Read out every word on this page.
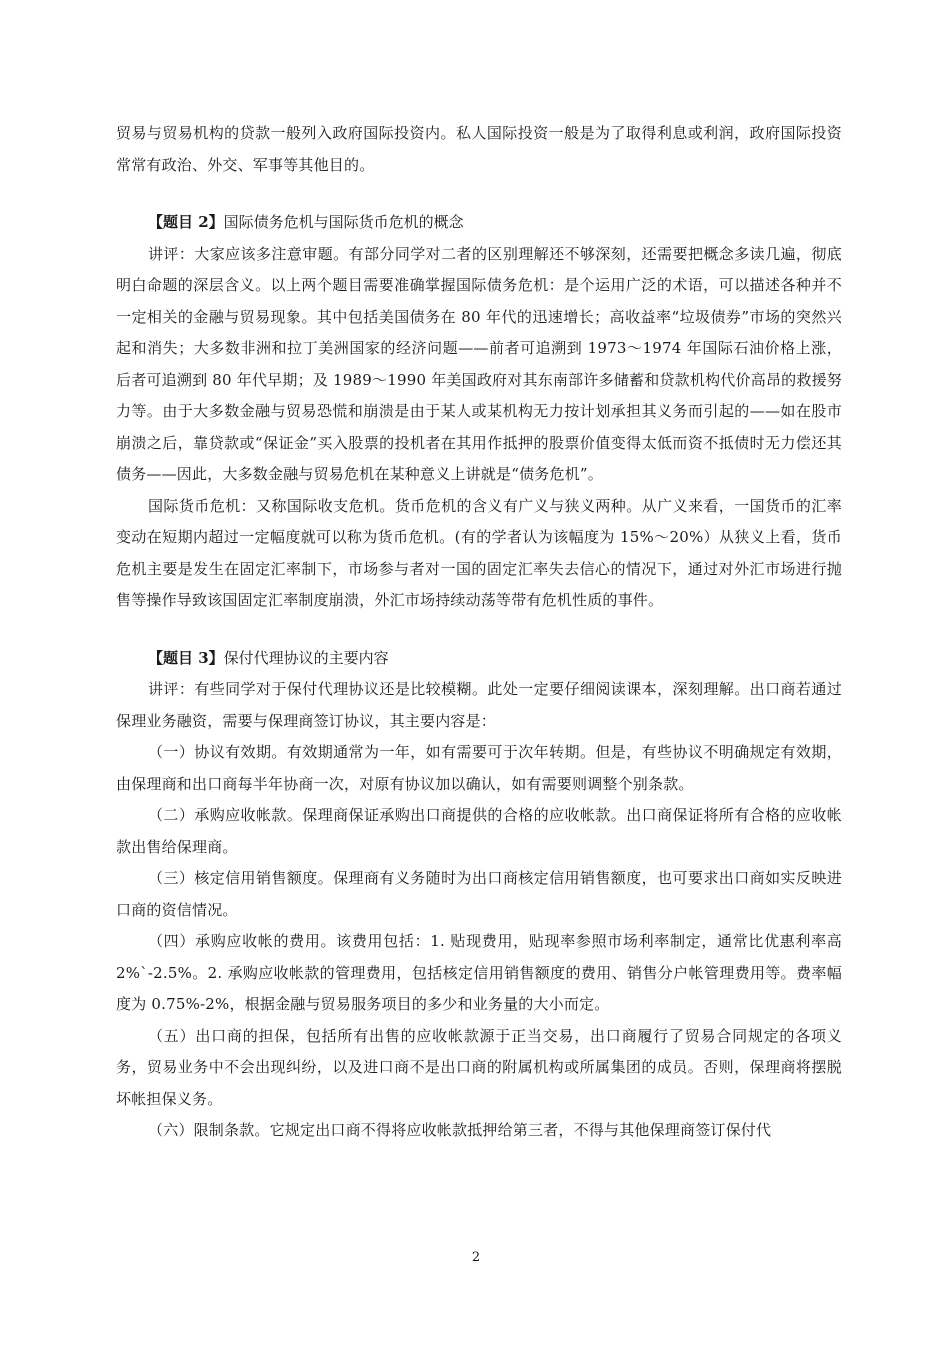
贸易与贸易机构的贷款一般列入政府国际投资内。私人国际投资一般是为了取得利息或利润，政府国际投资常常有政治、外交、军事等其他目的。

【题目 2】国际债务危机与国际货币危机的概念

讲评：大家应该多注意审题。有部分同学对二者的区别理解还不够深刻，还需要把概念多读几遍，彻底明白命题的深层含义。以上两个题目需要准确掌握国际债务危机：是个运用广泛的术语，可以描述各种并不一定相关的金融与贸易现象。其中包括美国债务在 80 年代的迅速增长；高收益率“垃圾债券”市场的突然兴起和消失；大多数非洲和拉丁美洲国家的经济问题——前者可追溯到 1973～1974 年国际石油价格上涨，后者可追溯到 80 年代早期；及 1989～1990 年美国政府对其东南部许多储蓄和贷款机构代价高昂的救援努力等。由于大多数金融与贸易恐慌和崩溃是由于某人或某机构无力按计划承担其义务而引起的——如在股市崩溃之后，靠贷款或“保证金”买入股票的投机者在其用作抵押的股票价值变得太低而资不抵债时无力偿还其债务——因此，大多数金融与贸易危机在某种意义上讲就是“债务危机”。

国际货币危机：又称国际收支危机。货币危机的含义有广义与狭义两种。从广义来看，一国货币的汇率变动在短期内超过一定幅度就可以称为货币危机。(有的学者认为该幅度为 15%～20%）从狭义上看，货币危机主要是发生在固定汇率制下，市场参与者对一国的固定汇率失去信心的情况下，通过对外汇市场进行抛售等操作导致该国固定汇率制度崩溃，外汇市场持续动荡等带有危机性质的事件。

【题目 3】保付代理协议的主要内容

讲评：有些同学对于保付代理协议还是比较模糊。此处一定要仔细阅读课本，深刻理解。出口商若通过保理业务融资，需要与保理商签订协议，其主要内容是：

（一）协议有效期。有效期通常为一年，如有需要可于次年转期。但是，有些协议不明确规定有效期，由保理商和出口商每半年协商一次，对原有协议加以确认，如有需要则调整个别条款。

（二）承购应收帐款。保理商保证承购出口商提供的合格的应收帐款。出口商保证将所有合格的应收帐款出售给保理商。

（三）核定信用销售额度。保理商有义务随时为出口商核定信用销售额度，也可要求出口商如实反映进口商的资信情况。

（四）承购应收帐的费用。该费用包括：1. 贴现费用，贴现率参照市场利率制定，通常比优惠利率高 2%`-2.5%。2. 承购应收帐款的管理费用，包括核定信用销售额度的费用、销售分户帐管理费用等。费率幅度为 0.75%-2%，根据金融与贸易服务项目的多少和业务量的大小而定。

（五）出口商的担保，包括所有出售的应收帐款源于正当交易，出口商履行了贸易合同规定的各项义务，贸易业务中不会出现纠纷，以及进口商不是出口商的附属机构或所属集团的成员。否则，保理商将摆脱坏帐担保义务。

（六）限制条款。它规定出口商不得将应收帐款抵押给第三者，不得与其他保理商签订保付代

2
